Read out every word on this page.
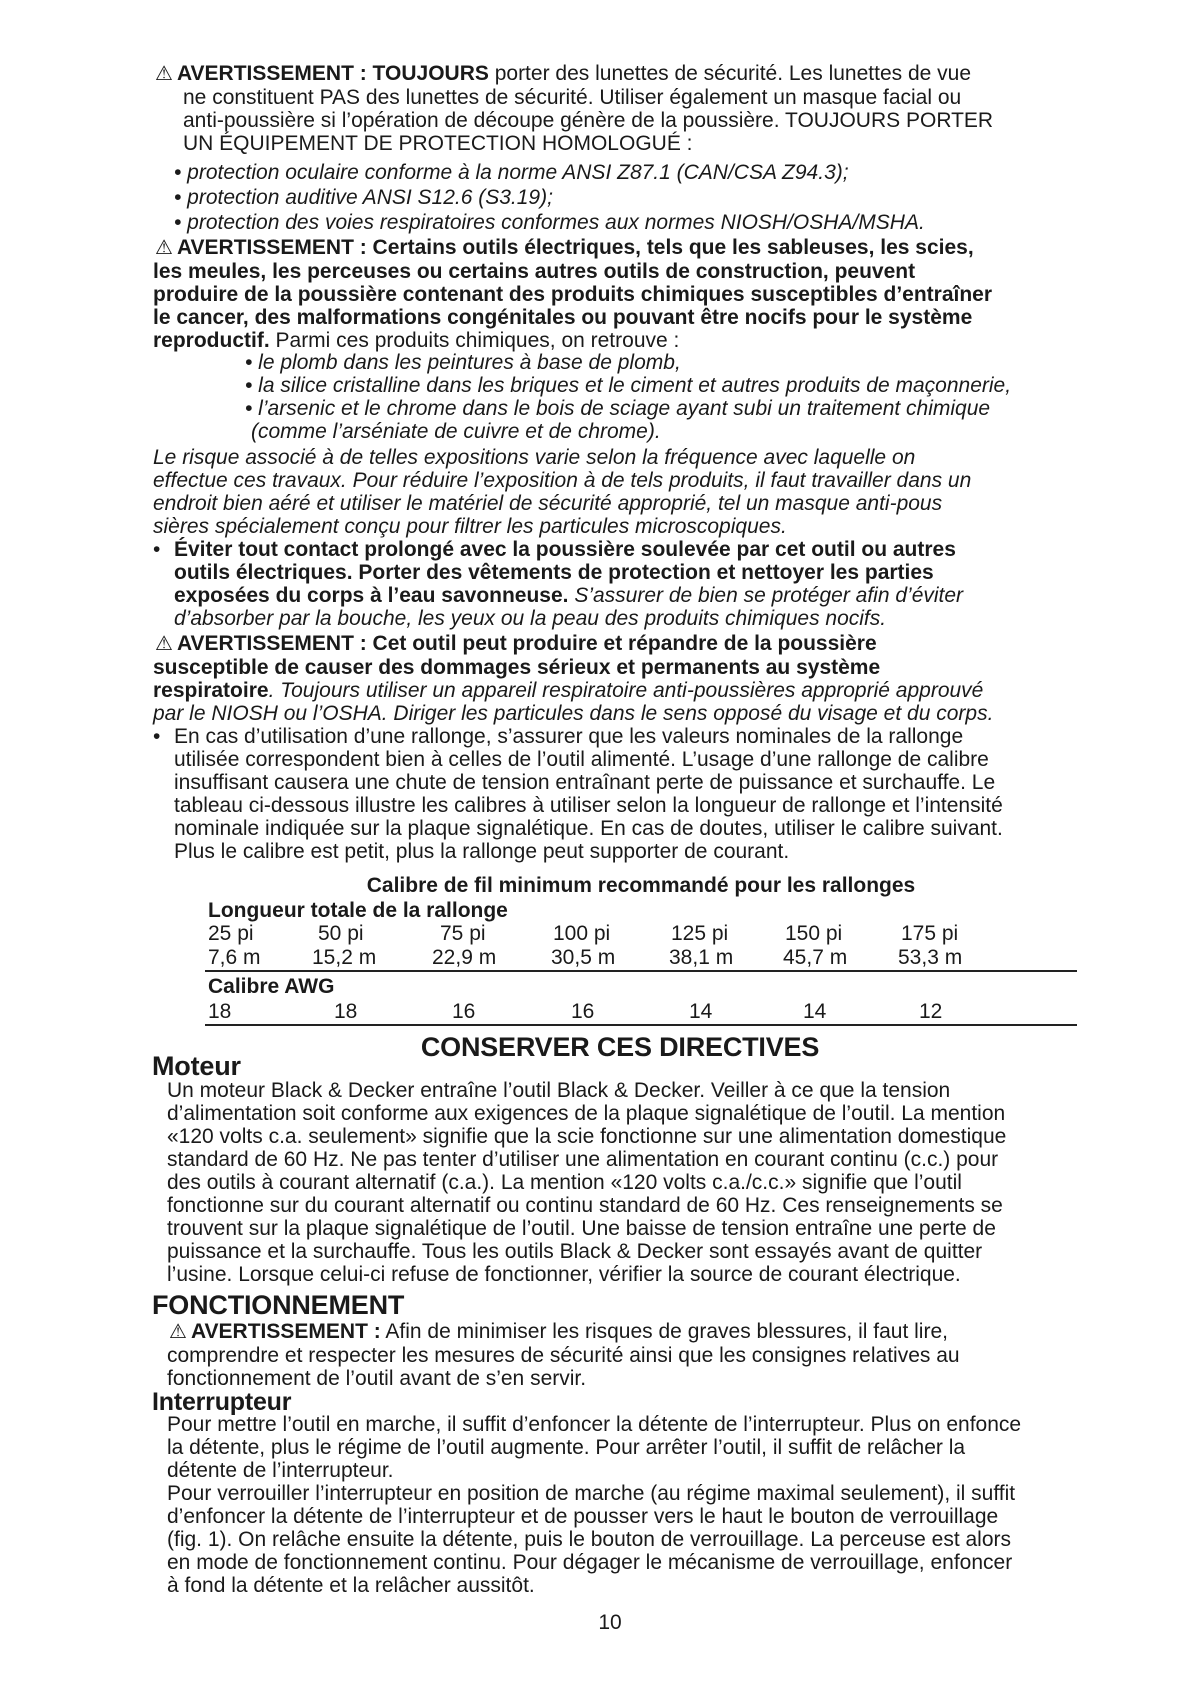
⚠ AVERTISSEMENT : TOUJOURS porter des lunettes de sécurité. Les lunettes de vue
ne constituent PAS des lunettes de sécurité. Utiliser également un masque facial ou
anti-poussière si l’opération de découpe génère de la poussière. TOUJOURS PORTER
UN ÉQUIPEMENT DE PROTECTION HOMOLOGUÉ :
• protection oculaire conforme à la norme ANSI Z87.1 (CAN/CSA Z94.3);
• protection auditive ANSI S12.6 (S3.19);
• protection des voies respiratoires conformes aux normes NIOSH/OSHA/MSHA.
⚠ AVERTISSEMENT : Certains outils électriques, tels que les sableuses, les scies,
les meules, les perceuses ou certains autres outils de construction, peuvent
produire de la poussière contenant des produits chimiques susceptibles d’entraîner
le cancer, des malformations congénitales ou pouvant être nocifs pour le système
reproductif. Parmi ces produits chimiques, on retrouve :
• le plomb dans les peintures à base de plomb,
• la silice cristalline dans les briques et le ciment et autres produits de maçonnerie,
• l’arsenic et le chrome dans le bois de sciage ayant subi un traitement chimique
(comme l’arséniate de cuivre et de chrome).
Le risque associé à de telles expositions varie selon la fréquence avec laquelle on
effectue ces travaux. Pour réduire l’exposition à de tels produits, il faut travailler dans un
endroit bien aéré et utiliser le matériel de sécurité approprié, tel un masque anti-pous
sières spécialement conçu pour filtrer les particules microscopiques.
• Éviter tout contact prolongé avec la poussière soulevée par cet outil ou autres
outils électriques. Porter des vêtements de protection et nettoyer les parties
exposées du corps à l’eau savonneuse. S’assurer de bien se protéger afin d’éviter
d’absorber par la bouche, les yeux ou la peau des produits chimiques nocifs.
⚠ AVERTISSEMENT : Cet outil peut produire et répandre de la poussière
susceptible de causer des dommages sérieux et permanents au système
respiratoire. Toujours utiliser un appareil respiratoire anti-poussières approprié approuvé
par le NIOSH ou l’OSHA. Diriger les particules dans le sens opposé du visage et du corps.
• En cas d’utilisation d’une rallonge, s’assurer que les valeurs nominales de la rallonge
utilisée correspondent bien à celles de l’outil alimenté. L’usage d’une rallonge de calibre
insuffisant causera une chute de tension entraînant perte de puissance et surchauffe. Le
tableau ci-dessous illustre les calibres à utiliser selon la longueur de rallonge et l’intensité
nominale indiquée sur la plaque signalétique. En cas de doutes, utiliser le calibre suivant.
Plus le calibre est petit, plus la rallonge peut supporter de courant.
Calibre de fil minimum recommandé pour les rallonges
Longueur totale de la rallonge
25 pi	50 pi	75 pi	100 pi	125 pi	150 pi	175 pi
7,6 m 15,2 m	22,9 m	30,5 m	38,1 m 45,7 m 53,3 m
Calibre AWG
18	18	16	16	14	14	12
CONSERVER CES DIRECTIVES
Moteur
Un moteur Black & Decker entraîne l’outil Black & Decker. Veiller à ce que la tension
d’alimentation soit conforme aux exigences de la plaque signalétique de l’outil. La mention
«120 volts c.a. seulement» signifie que la scie fonctionne sur une alimentation domestique
standard de 60 Hz. Ne pas tenter d’utiliser une alimentation en courant continu (c.c.) pour
des outils à courant alternatif (c.a.). La mention «120 volts c.a./c.c.» signifie que l’outil
fonctionne sur du courant alternatif ou continu standard de 60 Hz. Ces renseignements se
trouvent sur la plaque signalétique de l’outil. Une baisse de tension entraîne une perte de
puissance et la surchauffe. Tous les outils Black & Decker sont essayés avant de quitter
l’usine. Lorsque celui-ci refuse de fonctionner, vérifier la source de courant électrique.
FONCTIONNEMENT
⚠ AVERTISSEMENT : Afin de minimiser les risques de graves blessures, il faut lire,
comprendre et respecter les mesures de sécurité ainsi que les consignes relatives au
fonctionnement de l’outil avant de s’en servir.
Interrupteur
Pour mettre l’outil en marche, il suffit d’enfoncer la détente de l’interrupteur. Plus on enfonce
la détente, plus le régime de l’outil augmente. Pour arrêter l’outil, il suffit de relâcher la
détente de l’interrupteur.
Pour verrouiller l’interrupteur en position de marche (au régime maximal seulement), il suffit
d’enfoncer la détente de l’interrupteur et de pousser vers le haut le bouton de verrouillage
(fig. 1). On relâche ensuite la détente, puis le bouton de verrouillage. La perceuse est alors
en mode de fonctionnement continu. Pour dégager le mécanisme de verrouillage, enfoncer
à fond la détente et la relâcher aussitôt.
10
